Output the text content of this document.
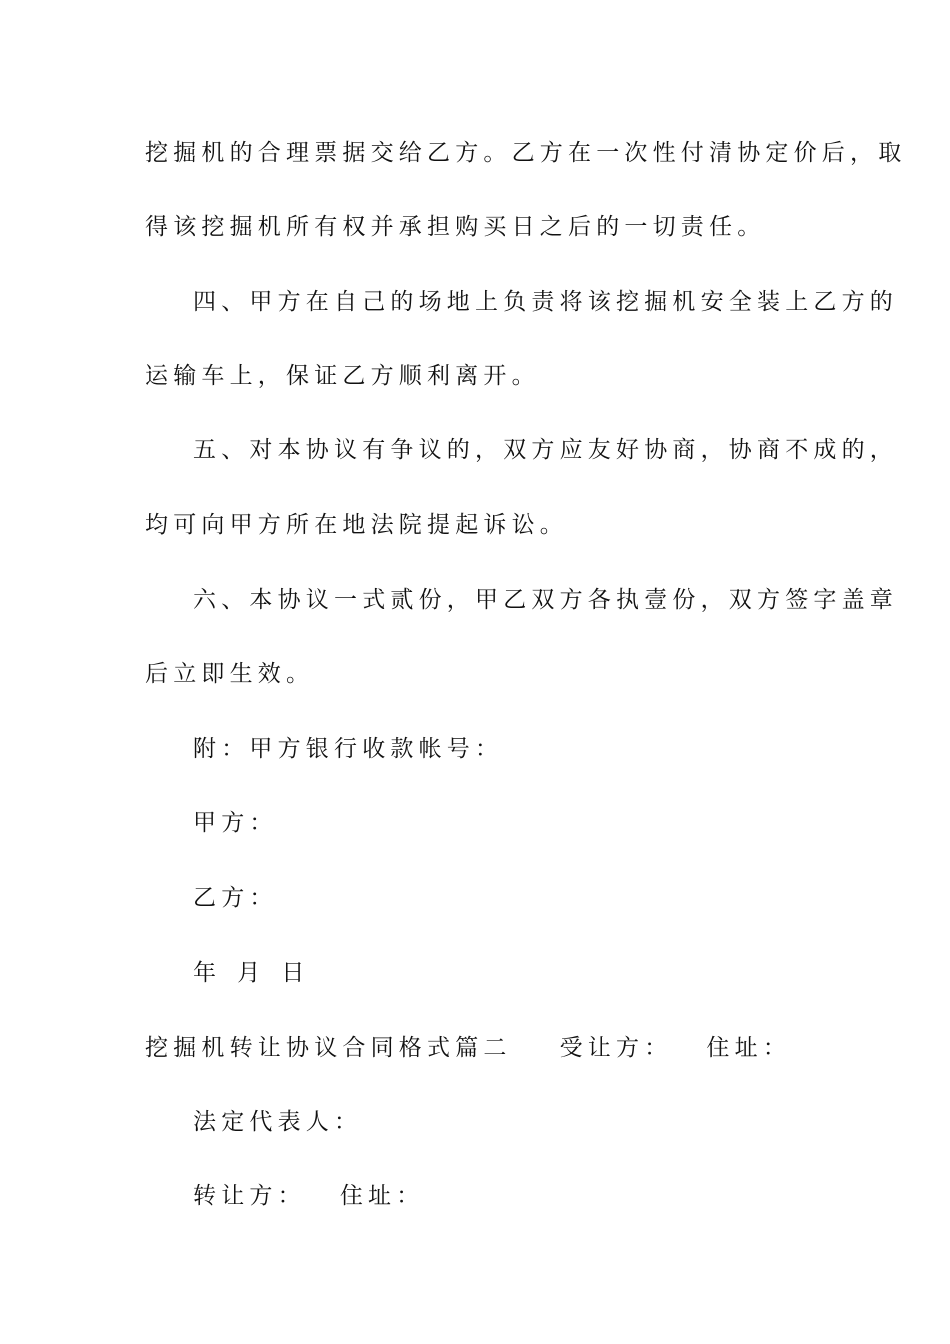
挖掘机的合理票据交给乙方。乙方在一次性付清协定价后，取
得该挖掘机所有权并承担购买日之后的一切责任。
四、甲方在自己的场地上负责将该挖掘机安全装上乙方的
运输车上，保证乙方顺利离开。
五、对本协议有争议的，双方应友好协商，协商不成的，
均可向甲方所在地法院提起诉讼。
六、本协议一式贰份，甲乙双方各执壹份，双方签字盖章
后立即生效。
附：甲方银行收款帐号：
甲方：
乙方：
年 月 日
挖掘机转让协议合同格式篇二 受让方： 住址：
法定代表人：
转让方： 住址：
